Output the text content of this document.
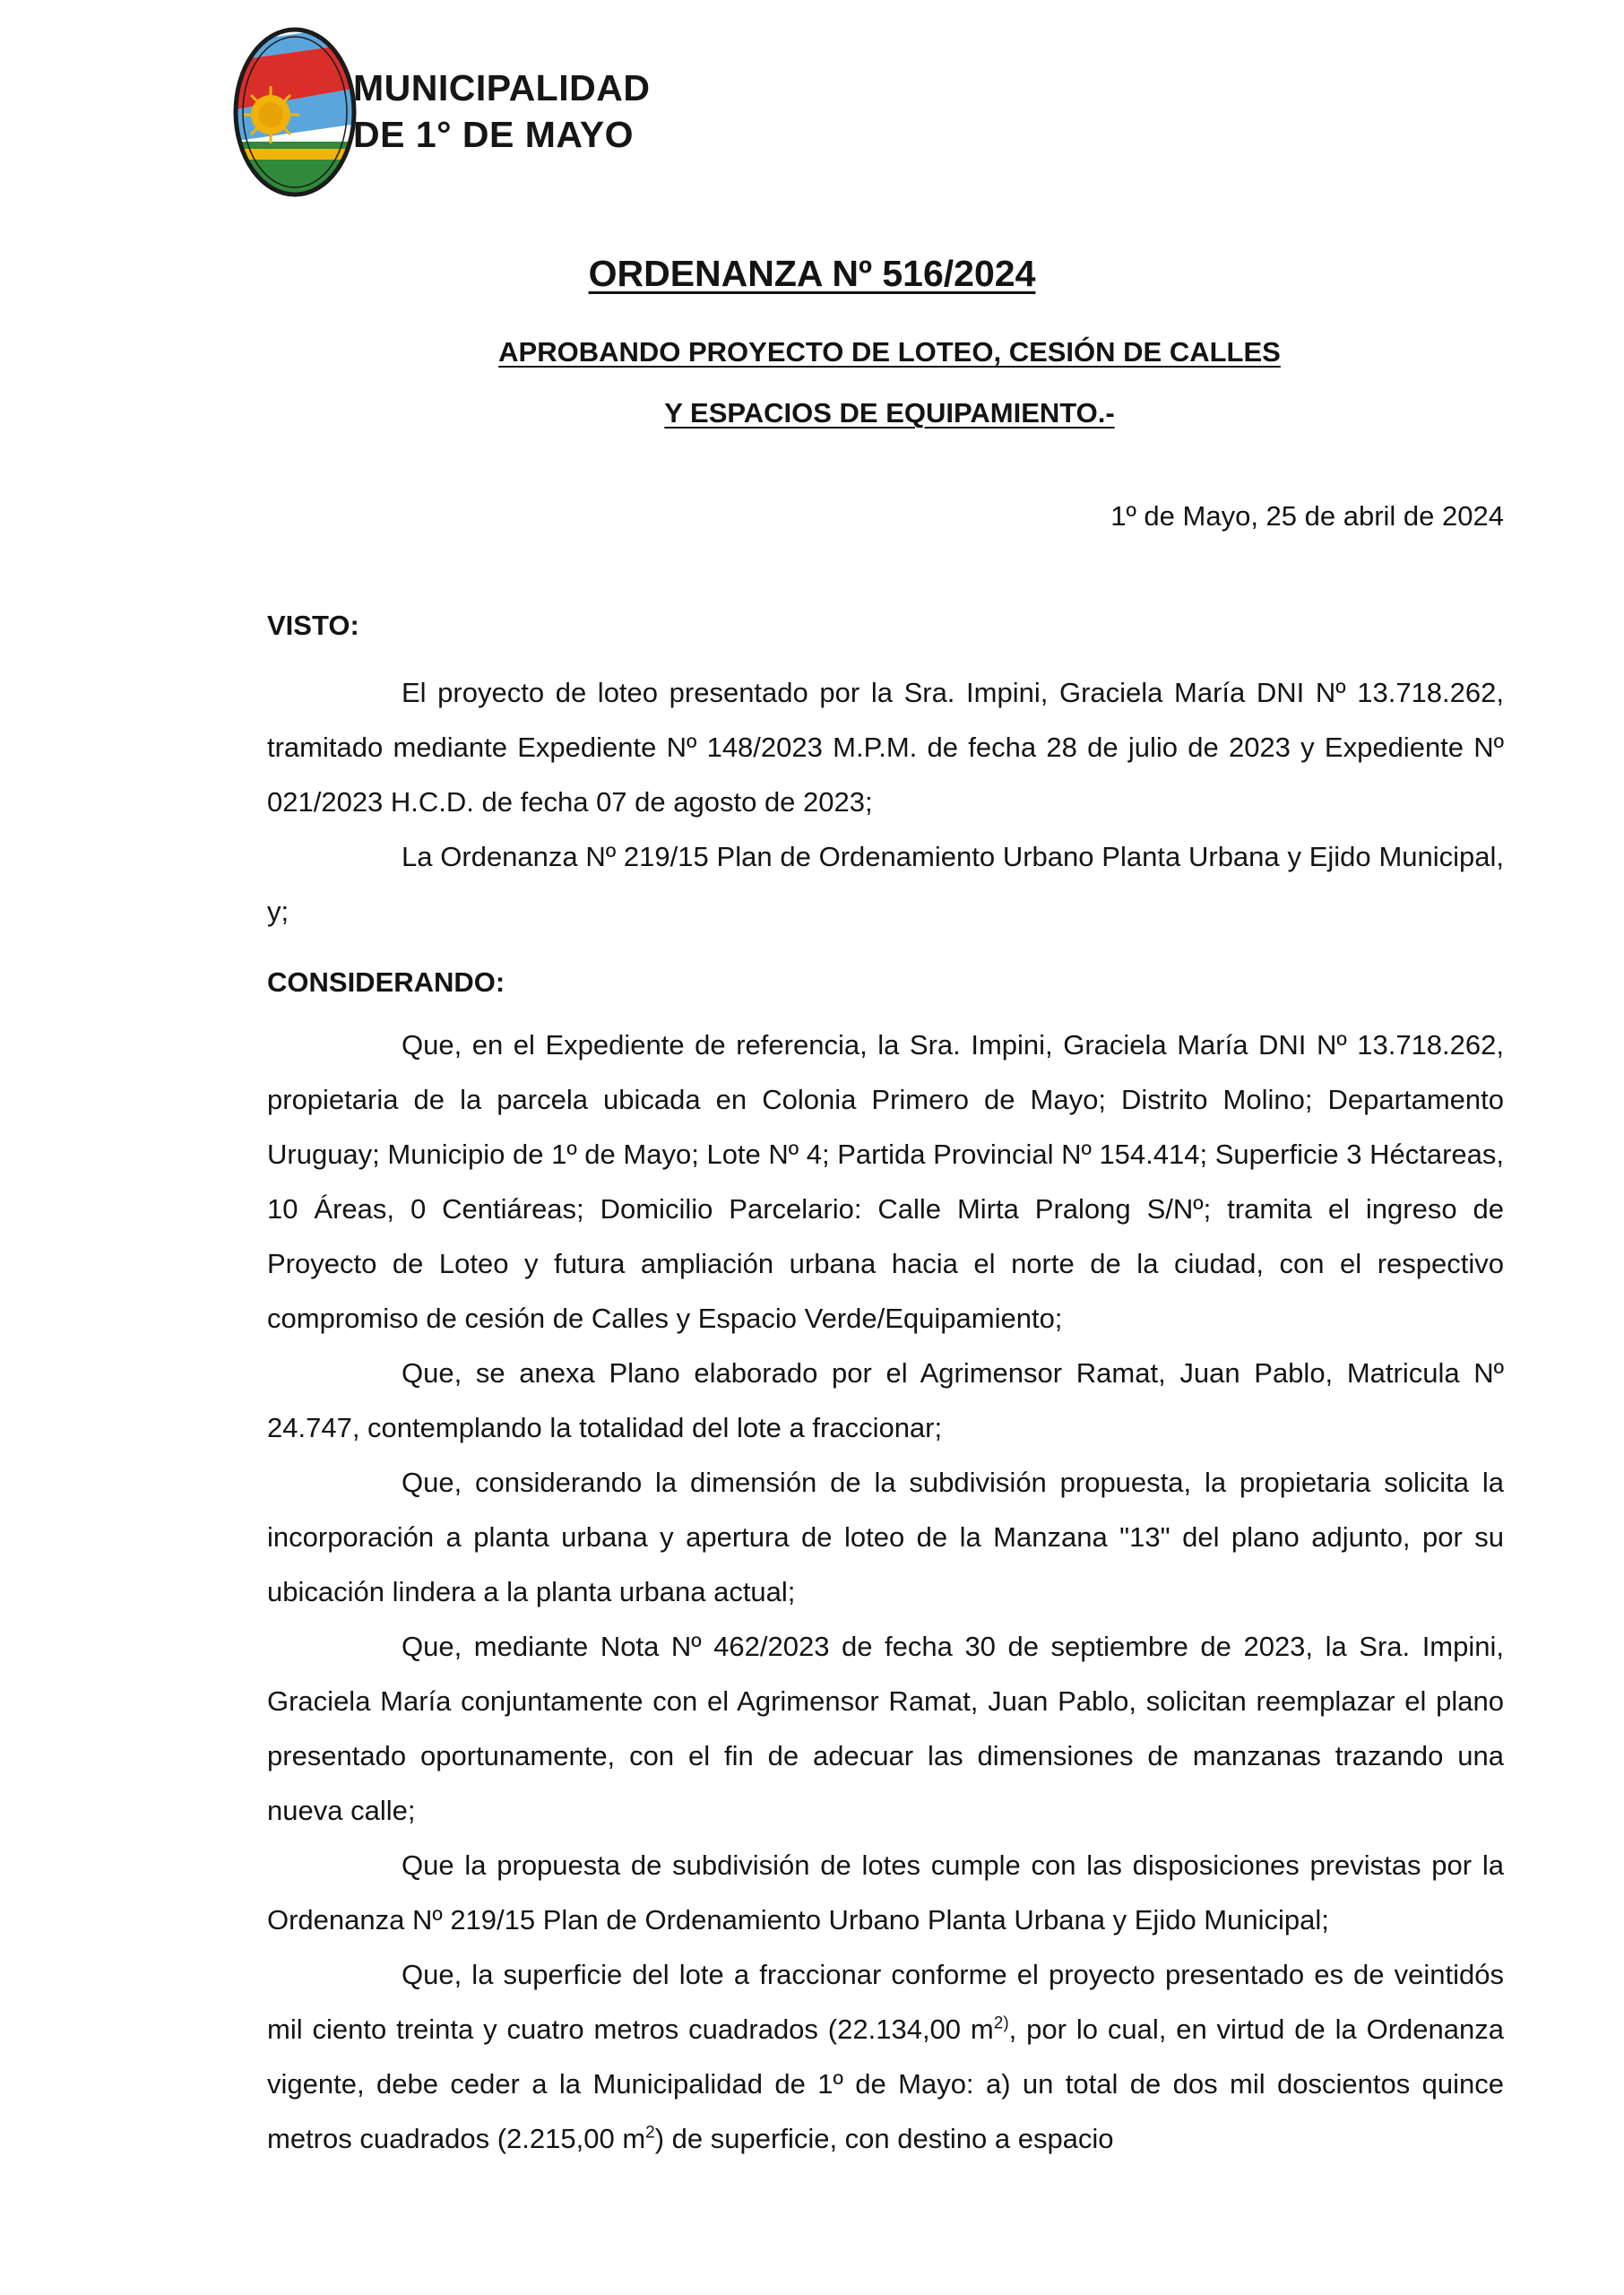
MUNICIPALIDAD
DE 1° DE MAYO
ORDENANZA Nº 516/2024
APROBANDO PROYECTO DE LOTEO, CESIÓN DE CALLES
Y ESPACIOS DE EQUIPAMIENTO.-
1º de Mayo, 25 de abril de 2024
VISTO:

El proyecto de loteo presentado por la Sra. Impini, Graciela María DNI Nº 13.718.262, tramitado mediante Expediente Nº 148/2023 M.P.M. de fecha 28 de julio de 2023 y Expediente Nº 021/2023 H.C.D. de fecha 07 de agosto de 2023;

La Ordenanza Nº 219/15 Plan de Ordenamiento Urbano Planta Urbana y Ejido Municipal, y;

CONSIDERANDO:

Que, en el Expediente de referencia, la Sra. Impini, Graciela María DNI Nº 13.718.262, propietaria de la parcela ubicada en Colonia Primero de Mayo; Distrito Molino; Departamento Uruguay; Municipio de 1º de Mayo; Lote Nº 4; Partida Provincial Nº 154.414; Superficie 3 Héctareas, 10 Áreas, 0 Centiáreas; Domicilio Parcelario: Calle Mirta Pralong S/Nº; tramita el ingreso de Proyecto de Loteo y futura ampliación urbana hacia el norte de la ciudad, con el respectivo compromiso de cesión de Calles y Espacio Verde/Equipamiento;

Que, se anexa Plano elaborado por el Agrimensor Ramat, Juan Pablo, Matricula Nº 24.747, contemplando la totalidad del lote a fraccionar;

Que, considerando la dimensión de la subdivisión propuesta, la propietaria solicita la incorporación a planta urbana y apertura de loteo de la Manzana "13" del plano adjunto, por su ubicación lindera a la planta urbana actual;

Que, mediante Nota Nº 462/2023 de fecha 30 de septiembre de 2023, la Sra. Impini, Graciela María conjuntamente con el Agrimensor Ramat, Juan Pablo, solicitan reemplazar el plano presentado oportunamente, con el fin de adecuar las dimensiones de manzanas trazando una nueva calle;

Que la propuesta de subdivisión de lotes cumple con las disposiciones previstas por la Ordenanza Nº 219/15 Plan de Ordenamiento Urbano Planta Urbana y Ejido Municipal;

Que, la superficie del lote a fraccionar conforme el proyecto presentado es de veintidós mil ciento treinta y cuatro metros cuadrados (22.134,00 $m^{2)}$, por lo cual, en virtud de la Ordenanza vigente, debe ceder a la Municipalidad de 1º de Mayo: a) un total de dos mil doscientos quince metros cuadrados (2.215,00 $m^2$) de superficie, con destino a espacio
